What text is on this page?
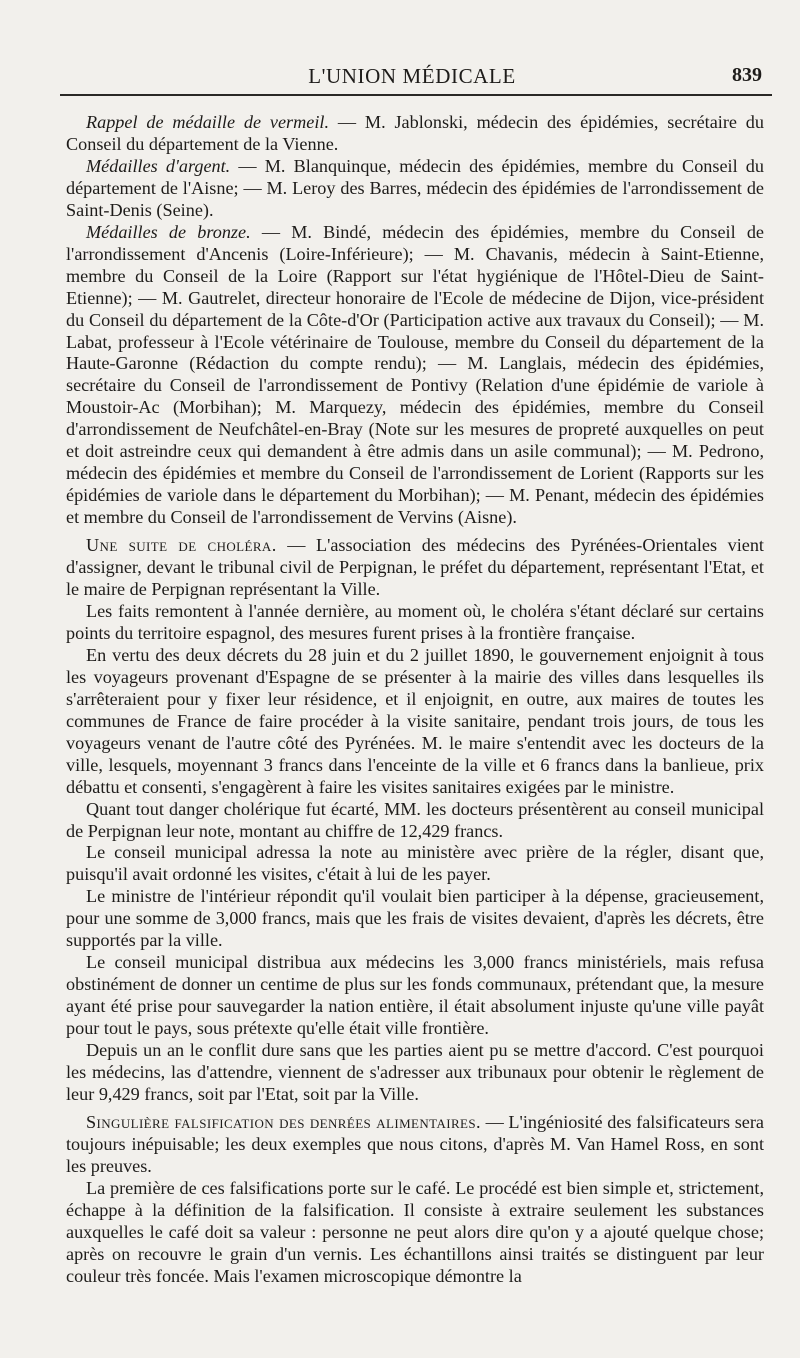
L'UNION MÉDICALE	839

Rappel de médaille de vermeil. — M. Jablonski, médecin des épidémies, secrétaire du Conseil du département de la Vienne.

Médailles d'argent. — M. Blanquinque, médecin des épidémies, membre du Conseil du département de l'Aisne; — M. Leroy des Barres, médecin des épidémies de l'arrondissement de Saint-Denis (Seine).

Médailles de bronze. — M. Bindé, médecin des épidémies, membre du Conseil de l'arrondissement d'Ancenis (Loire-Inférieure); — M. Chavanis, médecin à Saint-Etienne, membre du Conseil de la Loire (Rapport sur l'état hygiénique de l'Hôtel-Dieu de Saint-Etienne); — M. Gautrelet, directeur honoraire de l'Ecole de médecine de Dijon, vice-président du Conseil du département de la Côte-d'Or (Participation active aux travaux du Conseil); — M. Labat, professeur à l'Ecole vétérinaire de Toulouse, membre du Conseil du département de la Haute-Garonne (Rédaction du compte rendu); — M. Langlais, médecin des épidémies, secrétaire du Conseil de l'arrondissement de Pontivy (Relation d'une épidémie de variole à Moustoir-Ac (Morbihan); M. Marquezy, médecin des épidémies, membre du Conseil d'arrondissement de Neufchâtel-en-Bray (Note sur les mesures de propreté auxquelles on peut et doit astreindre ceux qui demandent à être admis dans un asile communal); — M. Pedrono, médecin des épidémies et membre du Conseil de l'arrondissement de Lorient (Rapports sur les épidémies de variole dans le département du Morbihan); — M. Penant, médecin des épidémies et membre du Conseil de l'arrondissement de Vervins (Aisne).

Une suite de choléra. — L'association des médecins des Pyrénées-Orientales vient d'assigner, devant le tribunal civil de Perpignan, le préfet du département, représentant l'Etat, et le maire de Perpignan représentant la Ville.

Les faits remontent à l'année dernière, au moment où, le choléra s'étant déclaré sur certains points du territoire espagnol, des mesures furent prises à la frontière française.

En vertu des deux décrets du 28 juin et du 2 juillet 1890, le gouvernement enjoignit à tous les voyageurs provenant d'Espagne de se présenter à la mairie des villes dans lesquelles ils s'arrêteraient pour y fixer leur résidence, et il enjoignit, en outre, aux maires de toutes les communes de France de faire procéder à la visite sanitaire, pendant trois jours, de tous les voyageurs venant de l'autre côté des Pyrénées. M. le maire s'entendit avec les docteurs de la ville, lesquels, moyennant 3 francs dans l'enceinte de la ville et 6 francs dans la banlieue, prix débattu et consenti, s'engagèrent à faire les visites sanitaires exigées par le ministre.

Quant tout danger cholérique fut écarté, MM. les docteurs présentèrent au conseil municipal de Perpignan leur note, montant au chiffre de 12,429 francs.

Le conseil municipal adressa la note au ministère avec prière de la régler, disant que, puisqu'il avait ordonné les visites, c'était à lui de les payer.

Le ministre de l'intérieur répondit qu'il voulait bien participer à la dépense, gracieusement, pour une somme de 3,000 francs, mais que les frais de visites devaient, d'après les décrets, être supportés par la ville.

Le conseil municipal distribua aux médecins les 3,000 francs ministériels, mais refusa obstinément de donner un centime de plus sur les fonds communaux, prétendant que, la mesure ayant été prise pour sauvegarder la nation entière, il était absolument injuste qu'une ville payât pour tout le pays, sous prétexte qu'elle était ville frontière.

Depuis un an le conflit dure sans que les parties aient pu se mettre d'accord. C'est pourquoi les médecins, las d'attendre, viennent de s'adresser aux tribunaux pour obtenir le règlement de leur 9,429 francs, soit par l'Etat, soit par la Ville.

Singulière falsification des denrées alimentaires. — L'ingéniosité des falsificateurs sera toujours inépuisable; les deux exemples que nous citons, d'après M. Van Hamel Ross, en sont les preuves.

La première de ces falsifications porte sur le café. Le procédé est bien simple et, strictement, échappe à la définition de la falsification. Il consiste à extraire seulement les substances auxquelles le café doit sa valeur : personne ne peut alors dire qu'on y a ajouté quelque chose; après on recouvre le grain d'un vernis. Les échantillons ainsi traités se distinguent par leur couleur très foncée. Mais l'examen microscopique démontre la
